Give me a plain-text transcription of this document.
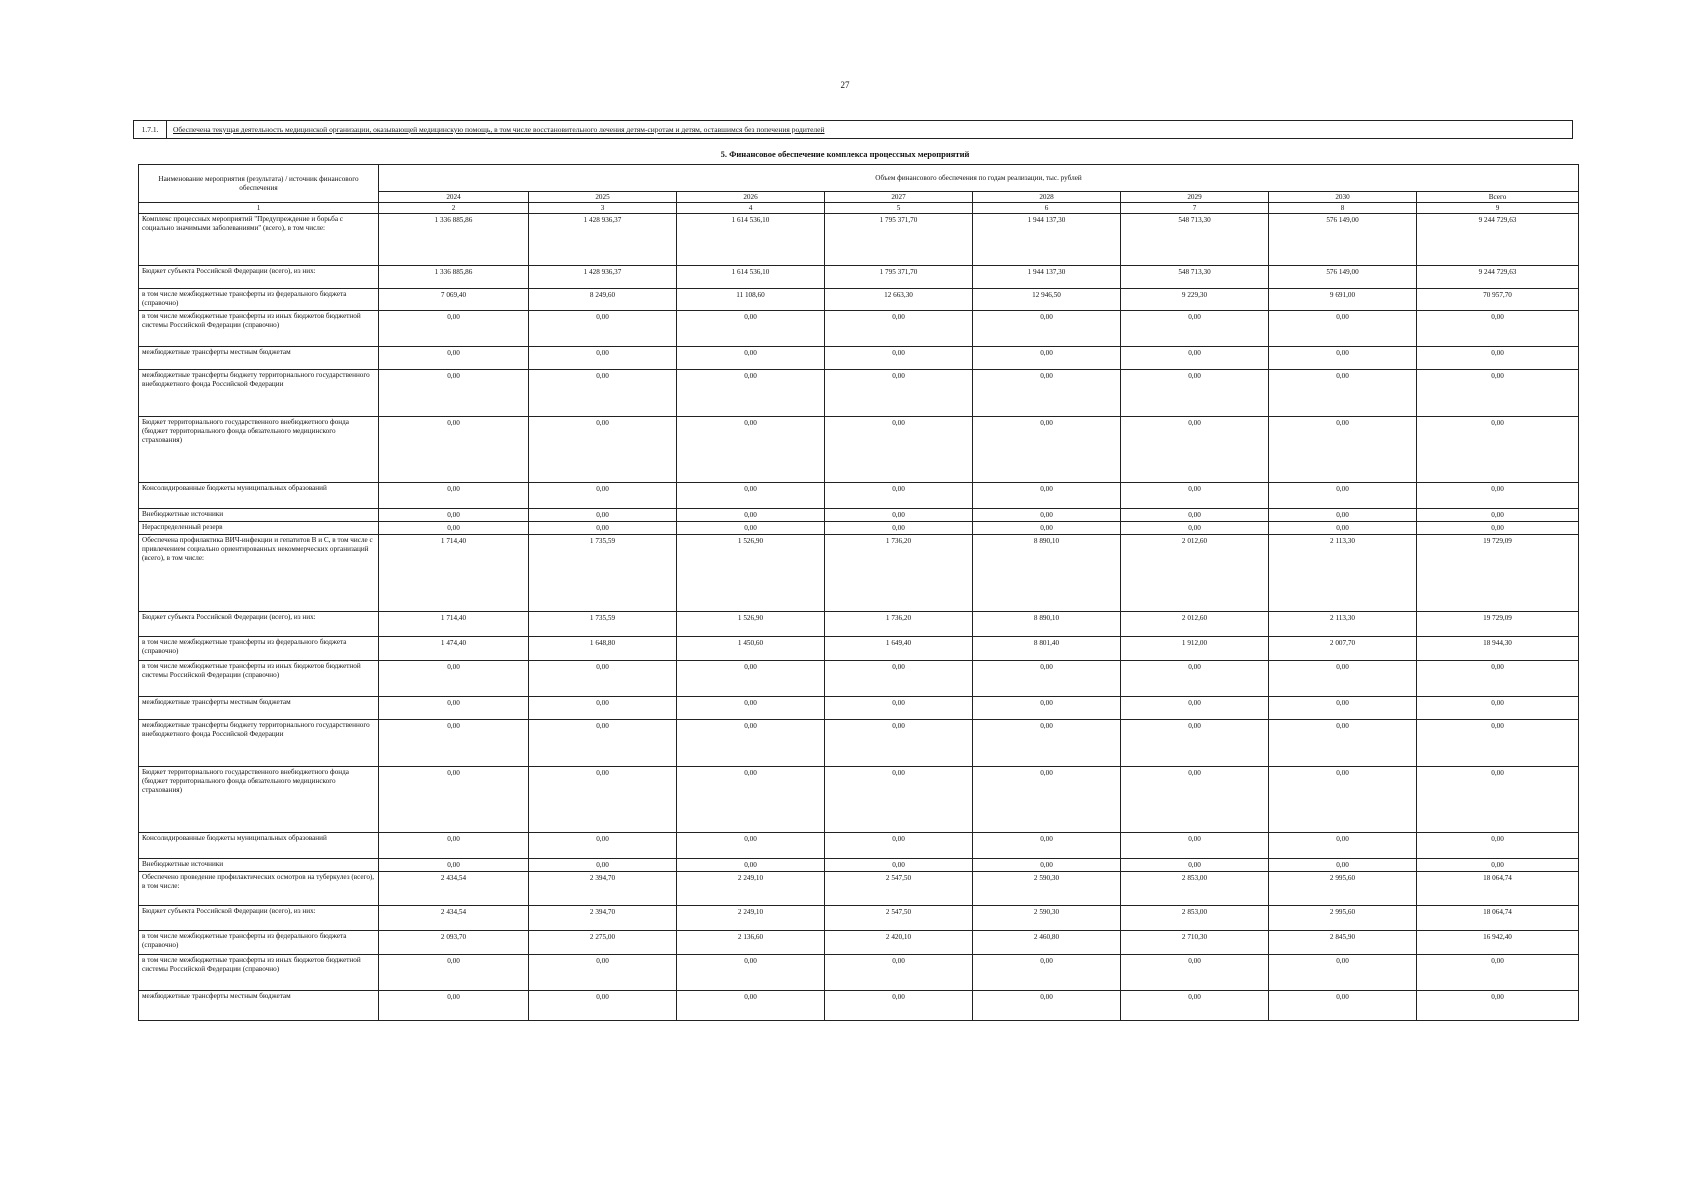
27
1.7.1.	Обеспечена текущая деятельность медицинской организации, оказывающей медицинскую помощь, в том числе восстановительного лечения детям-сиротам и детям, оставшимся без попечения родителей
5. Финансовое обеспечение комплекса процессных мероприятий
Наименование мероприятия (результата) / источник финансового обеспечения	Объем финансового обеспечения по годам реализации, тыс. рублей							
	2024	2025	2026	2027	2028	2029	2030	Всего
1	2	3	4	5	6	7	8	9
Комплекс процессных мероприятий "Предупреждение и борьба с социально значимыми заболеваниями" (всего), в том числе:	1 336 885,86	1 428 936,37	1 614 536,10	1 795 371,70	1 944 137,30	548 713,30	576 149,00	9 244 729,63
Бюджет субъекта Российской Федерации (всего), из них:	1 336 885,86	1 428 936,37	1 614 536,10	1 795 371,70	1 944 137,30	548 713,30	576 149,00	9 244 729,63
в том числе межбюджетные трансферты из федерального бюджета (справочно)	7 069,40	8 249,60	11 108,60	12 663,30	12 946,50	9 229,30	9 691,00	70 957,70
в том числе межбюджетные трансферты из иных бюджетов бюджетной системы Российской Федерации (справочно)	0,00	0,00	0,00	0,00	0,00	0,00	0,00	0,00
межбюджетные трансферты местным бюджетам	0,00	0,00	0,00	0,00	0,00	0,00	0,00	0,00
межбюджетные трансферты бюджету территориального государственного внебюджетного фонда Российской Федерации	0,00	0,00	0,00	0,00	0,00	0,00	0,00	0,00
Бюджет территориального государственного внебюджетного фонда (бюджет территориального фонда обязательного медицинского страхования)	0,00	0,00	0,00	0,00	0,00	0,00	0,00	0,00
Консолидированные бюджеты муниципальных образований	0,00	0,00	0,00	0,00	0,00	0,00	0,00	0,00
Внебюджетные источники	0,00	0,00	0,00	0,00	0,00	0,00	0,00	0,00
Нераспределенный резерв	0,00	0,00	0,00	0,00	0,00	0,00	0,00	0,00
Обеспечена профилактика ВИЧ-инфекции и гепатитов В и С, в том числе с привлечением социально ориентированных некоммерческих организаций (всего), в том числе:	1 714,40	1 735,59	1 526,90	1 736,20	8 890,10	2 012,60	2 113,30	19 729,09
Бюджет субъекта Российской Федерации (всего), из них:	1 714,40	1 735,59	1 526,90	1 736,20	8 890,10	2 012,60	2 113,30	19 729,09
в том числе межбюджетные трансферты из федерального бюджета (справочно)	1 474,40	1 648,80	1 450,60	1 649,40	8 801,40	1 912,00	2 007,70	18 944,30
в том числе межбюджетные трансферты из иных бюджетов бюджетной системы Российской Федерации (справочно)	0,00	0,00	0,00	0,00	0,00	0,00	0,00	0,00
межбюджетные трансферты местным бюджетам	0,00	0,00	0,00	0,00	0,00	0,00	0,00	0,00
межбюджетные трансферты бюджету территориального государственного внебюджетного фонда Российской Федерации	0,00	0,00	0,00	0,00	0,00	0,00	0,00	0,00
Бюджет территориального государственного внебюджетного фонда (бюджет территориального фонда обязательного медицинского страхования)	0,00	0,00	0,00	0,00	0,00	0,00	0,00	0,00
Консолидированные бюджеты муниципальных образований	0,00	0,00	0,00	0,00	0,00	0,00	0,00	0,00
Внебюджетные источники	0,00	0,00	0,00	0,00	0,00	0,00	0,00	0,00
Обеспечено проведение профилактических осмотров на туберкулез (всего), в том числе:	2 434,54	2 394,70	2 249,10	2 547,50	2 590,30	2 853,00	2 995,60	18 064,74
Бюджет субъекта Российской Федерации (всего), из них:	2 434,54	2 394,70	2 249,10	2 547,50	2 590,30	2 853,00	2 995,60	18 064,74
в том числе межбюджетные трансферты из федерального бюджета (справочно)	2 093,70	2 275,00	2 136,60	2 420,10	2 460,80	2 710,30	2 845,90	16 942,40
в том числе межбюджетные трансферты из иных бюджетов бюджетной системы Российской Федерации (справочно)	0,00	0,00	0,00	0,00	0,00	0,00	0,00	0,00
межбюджетные трансферты местным бюджетам	0,00	0,00	0,00	0,00	0,00	0,00	0,00	0,00
